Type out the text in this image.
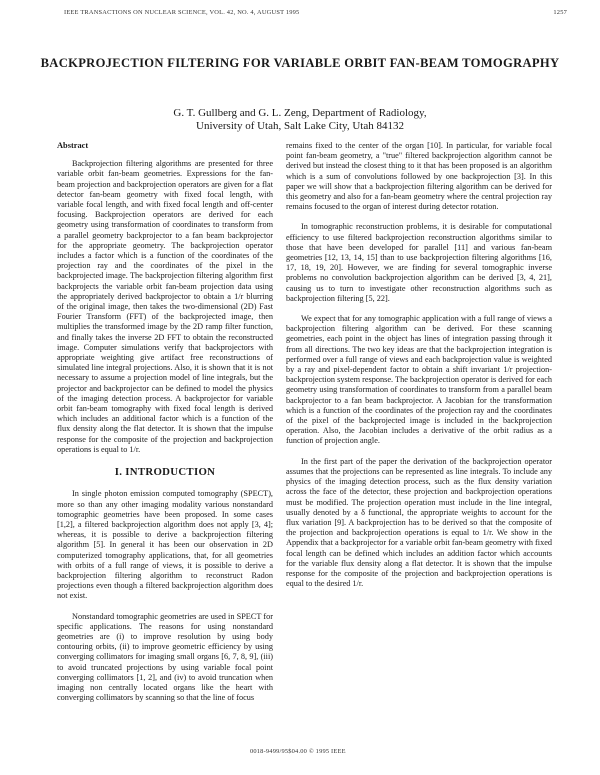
IEEE TRANSACTIONS ON NUCLEAR SCIENCE, VOL. 42, NO. 4, AUGUST 1995	1257
BACKPROJECTION FILTERING FOR VARIABLE ORBIT FAN-BEAM TOMOGRAPHY
G. T. Gullberg and G. L. Zeng, Department of Radiology,
University of Utah, Salt Lake City, Utah 84132
Abstract

Backprojection filtering algorithms are presented for three variable orbit fan-beam geometries. Expressions for the fan-beam projection and backprojection operators are given for a flat detector fan-beam geometry with fixed focal length, with variable focal length, and with fixed focal length and off-center focusing. Backprojection operators are derived for each geometry using transformation of coordinates to transform from a parallel geometry backprojector to a fan beam backprojector for the appropriate geometry. The backprojection operator includes a factor which is a function of the coordinates of the projection ray and the coordinates of the pixel in the backprojected image. The backprojection filtering algorithm first backprojects the variable orbit fan-beam projection data using the appropriately derived backprojector to obtain a 1/r blurring of the original image, then takes the two-dimensional (2D) Fast Fourier Transform (FFT) of the backprojected image, then multiplies the transformed image by the 2D ramp filter function, and finally takes the inverse 2D FFT to obtain the reconstructed image. Computer simulations verify that backprojectors with appropriate weighting give artifact free reconstructions of simulated line integral projections. Also, it is shown that it is not necessary to assume a projection model of line integrals, but the projector and backprojector can be defined to model the physics of the imaging detection process. A backprojector for variable orbit fan-beam tomography with fixed focal length is derived which includes an additional factor which is a function of the flux density along the flat detector. It is shown that the impulse response for the composite of the projection and backprojection operations is equal to 1/r.

I. INTRODUCTION

In single photon emission computed tomography (SPECT), more so than any other imaging modality various nonstandard tomographic geometries have been proposed. In some cases [1,2], a filtered backprojection algorithm does not apply [3, 4]; whereas, it is possible to derive a backprojection filtering algorithm [5]. In general it has been our observation in 2D computerized tomography applications, that, for all geometries with orbits of a full range of views, it is possible to derive a backprojection filtering algorithm to reconstruct Radon projections even though a filtered backprojection algorithm does not exist.

Nonstandard tomographic geometries are used in SPECT for specific applications. The reasons for using nonstandard geometries are (i) to improve resolution by using body contouring orbits, (ii) to improve geometric efficiency by using converging collimators for imaging small organs [6, 7, 8, 9], (iii) to avoid truncated projections by using variable focal point converging collimators [1, 2], and (iv) to avoid truncation when imaging non centrally located organs like the heart with converging collimators by scanning so that the line of focus

remains fixed to the center of the organ [10]. In particular, for variable focal point fan-beam geometry, a "true" filtered backprojection algorithm cannot be derived but instead the closest thing to it that has been proposed is an algorithm which is a sum of convolutions followed by one backprojection [3]. In this paper we will show that a backprojection filtering algorithm can be derived for this geometry and also for a fan-beam geometry where the central projection ray remains focused to the organ of interest during detector rotation.

In tomographic reconstruction problems, it is desirable for computational efficiency to use filtered backprojection reconstruction algorithms similar to those that have been developed for parallel [11] and various fan-beam geometries [12, 13, 14, 15] than to use backprojection filtering algorithms [16, 17, 18, 19, 20]. However, we are finding for several tomographic inverse problems no convolution backprojection algorithm can be derived [3, 4, 21], causing us to turn to investigate other reconstruction algorithms such as backprojection filtering [5, 22].

We expect that for any tomographic application with a full range of views a backprojection filtering algorithm can be derived. For these scanning geometries, each point in the object has lines of integration passing through it from all directions. The two key ideas are that the backprojection integration is performed over a full range of views and each backprojection value is weighted by a ray and pixel-dependent factor to obtain a shift invariant 1/r projection-backprojection system response. The backprojection operator is derived for each geometry using transformation of coordinates to transform from a parallel beam backprojector to a fan beam backprojector. A Jacobian for the transformation which is a function of the coordinates of the projection ray and the coordinates of the pixel of the backprojected image is included in the backprojection operation. Also, the Jacobian includes a derivative of the orbit radius as a function of projection angle.

In the first part of the paper the derivation of the backprojection operator assumes that the projections can be represented as line integrals. To include any physics of the imaging detection process, such as the flux density variation across the face of the detector, these projection and backprojection operations must be modified. The projection operation must include in the line integral, usually denoted by a δ functional, the appropriate weights to account for the flux variation [9]. A backprojection has to be derived so that the composite of the projection and backprojection operations is equal to 1/r. We show in the Appendix that a backprojector for a variable orbit fan-beam geometry with fixed focal length can be defined which includes an addition factor which accounts for the variable flux density along a flat detector. It is shown that the impulse response for the composite of the projection and backprojection operations is equal to the desired 1/r.

0018-9499/95$04.00 © 1995 IEEE
